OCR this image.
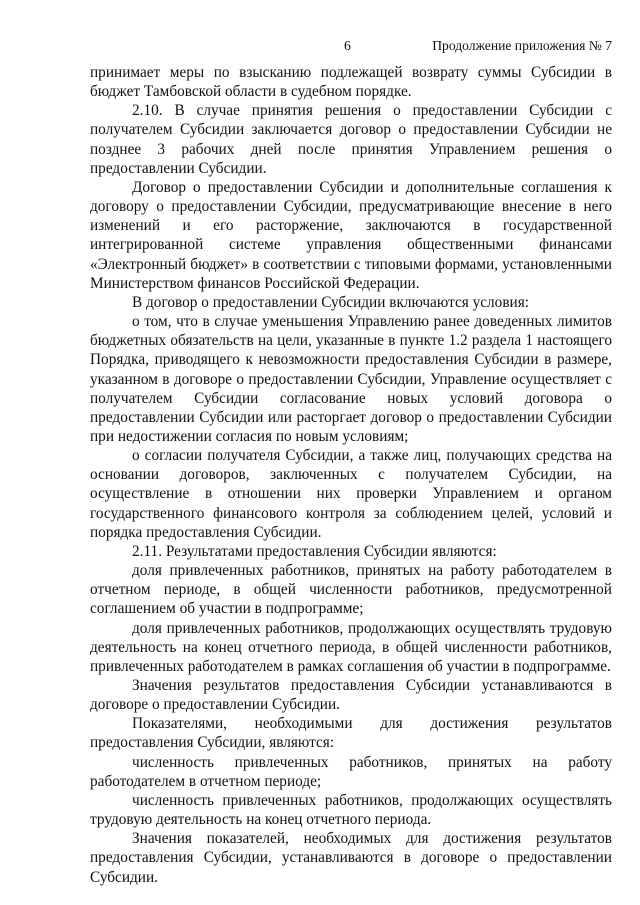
6	Продолжение приложения № 7

принимает меры по взысканию подлежащей возврату суммы Субсидии в бюджет Тамбовской области в судебном порядке.

2.10. В случае принятия решения о предоставлении Субсидии с получателем Субсидии заключается договор о предоставлении Субсидии не позднее 3 рабочих дней после принятия Управлением решения о предоставлении Субсидии.

Договор о предоставлении Субсидии и дополнительные соглашения к договору о предоставлении Субсидии, предусматривающие внесение в него изменений и его расторжение, заключаются в государственной интегрированной системе управления общественными финансами «Электронный бюджет» в соответствии с типовыми формами, установленными Министерством финансов Российской Федерации.

В договор о предоставлении Субсидии включаются условия:

о том, что в случае уменьшения Управлению ранее доведенных лимитов бюджетных обязательств на цели, указанные в пункте 1.2 раздела 1 настоящего Порядка, приводящего к невозможности предоставления Субсидии в размере, указанном в договоре о предоставлении Субсидии, Управление осуществляет с получателем Субсидии согласование новых условий договора о предоставлении Субсидии или расторгает договор о предоставлении Субсидии при недостижении согласия по новым условиям;

о согласии получателя Субсидии, а также лиц, получающих средства на основании договоров, заключенных с получателем Субсидии, на осуществление в отношении них проверки Управлением и органом государственного финансового контроля за соблюдением целей, условий и порядка предоставления Субсидии.

2.11. Результатами предоставления Субсидии являются:

доля привлеченных работников, принятых на работу работодателем в отчетном периоде, в общей численности работников, предусмотренной соглашением об участии в подпрограмме;

доля привлеченных работников, продолжающих осуществлять трудовую деятельность на конец отчетного периода, в общей численности работников, привлеченных работодателем в рамках соглашения об участии в подпрограмме.

Значения результатов предоставления Субсидии устанавливаются в договоре о предоставлении Субсидии.

Показателями, необходимыми для достижения результатов предоставления Субсидии, являются:

численность привлеченных работников, принятых на работу работодателем в отчетном периоде;

численность привлеченных работников, продолжающих осуществлять трудовую деятельность на конец отчетного периода.

Значения показателей, необходимых для достижения результатов предоставления Субсидии, устанавливаются в договоре о предоставлении Субсидии.
